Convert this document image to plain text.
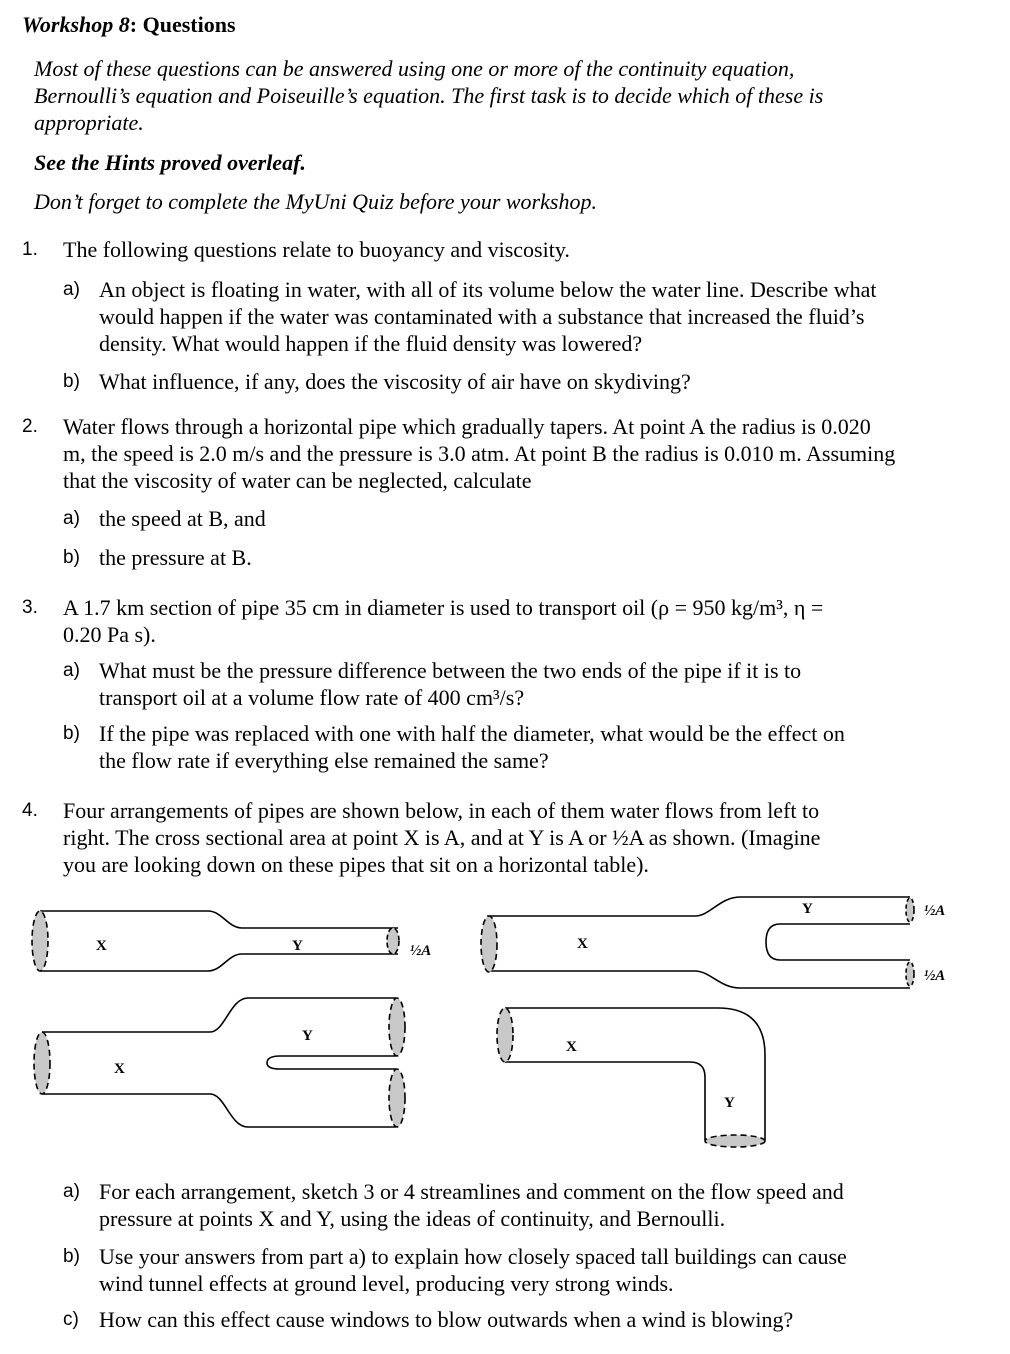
Workshop 8: Questions
Most of these questions can be answered using one or more of the continuity equation,
Bernoulli’s equation and Poiseuille’s equation. The first task is to decide which of these is
appropriate.
See the Hints proved overleaf.
Don’t forget to complete the MyUni Quiz before your workshop.
1. The following questions relate to buoyancy and viscosity.
a) An object is floating in water, with all of its volume below the water line. Describe what
would happen if the water was contaminated with a substance that increased the fluid’s
density. What would happen if the fluid density was lowered?
b) What influence, if any, does the viscosity of air have on skydiving?
2. Water flows through a horizontal pipe which gradually tapers. At point A the radius is 0.020
m, the speed is 2.0 m/s and the pressure is 3.0 atm. At point B the radius is 0.010 m. Assuming
that the viscosity of water can be neglected, calculate
a) the speed at B, and
b) the pressure at B.
3. A 1.7 km section of pipe 35 cm in diameter is used to transport oil (ρ = 950 kg/m³, η =
0.20 Pa s).
a) What must be the pressure difference between the two ends of the pipe if it is to
transport oil at a volume flow rate of 400 cm³/s?
b) If the pipe was replaced with one with half the diameter, what would be the effect on
the flow rate if everything else remained the same?
4. Four arrangements of pipes are shown below, in each of them water flows from left to
right. The cross sectional area at point X is A, and at Y is A or ½A as shown. (Imagine
you are looking down on these pipes that sit on a horizontal table).
X	Y	½A	X
Y	½A
½A
X
Y
X
Y
a) For each arrangement, sketch 3 or 4 streamlines and comment on the flow speed and
pressure at points X and Y, using the ideas of continuity, and Bernoulli.
b) Use your answers from part a) to explain how closely spaced tall buildings can cause
wind tunnel effects at ground level, producing very strong winds.
c) How can this effect cause windows to blow outwards when a wind is blowing?
